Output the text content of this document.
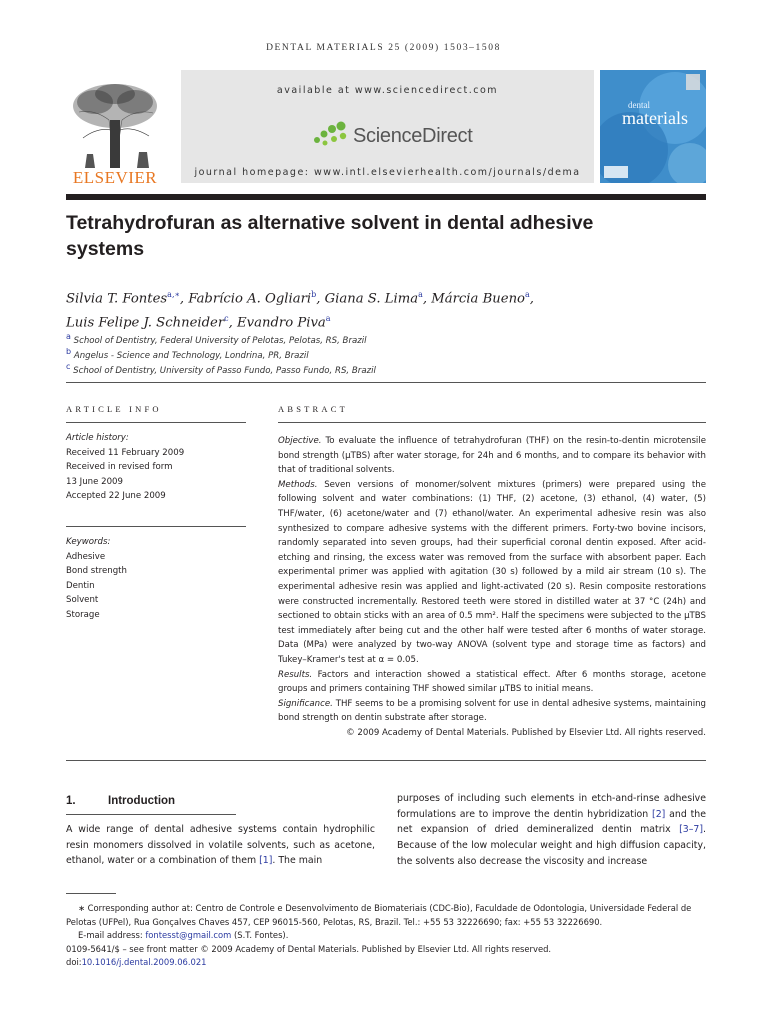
DENTAL MATERIALS 25 (2009) 1503–1508
ELSEVIER
available at www.sciencedirect.com
ScienceDirect
journal homepage: www.intl.elsevierhealth.com/journals/dema
dental
materials
Tetrahydrofuran as alternative solvent in dental adhesive
systems
Silvia T. Fontes$^{a,∗}$, Fabrício A. Ogliari$^b$, Giana S. Lima$^a$, Márcia Bueno$^a$,
Luis Felipe J. Schneider$^c$, Evandro Piva$^a$
$^a$ School of Dentistry, Federal University of Pelotas, Pelotas, RS, Brazil
$^b$ Angelus - Science and Technology, Londrina, PR, Brazil
$^c$ School of Dentistry, University of Passo Fundo, Passo Fundo, RS, Brazil
ARTICLE INFO	ABSTRACT
Article history:
Received 11 February 2009
Received in revised form
13 June 2009
Accepted 22 June 2009
Keywords:
Adhesive
Bond strength
Dentin
Solvent
Storage

Objective. To evaluate the influence of tetrahydrofuran (THF) on the resin-to-dentin microtensile bond strength (μTBS) after water storage, for 24h and 6 months, and to compare its behavior with that of traditional solvents.

Methods. Seven versions of monomer/solvent mixtures (primers) were prepared using the following solvent and water combinations: (1) THF, (2) acetone, (3) ethanol, (4) water, (5) THF/water, (6) acetone/water and (7) ethanol/water. An experimental adhesive resin was also synthesized to compare adhesive systems with the different primers. Forty-two bovine incisors, randomly separated into seven groups, had their superficial coronal dentin exposed. After acid-etching and rinsing, the excess water was removed from the surface with absorbent paper. Each experimental primer was applied with agitation (30 s) followed by a mild air stream (10 s). The experimental adhesive resin was applied and light-activated (20 s). Resin composite restorations were constructed incrementally. Restored teeth were stored in distilled water at 37 °C (24h) and sectioned to obtain sticks with an area of 0.5 mm². Half the specimens were subjected to the μTBS test immediately after being cut and the other half were tested after 6 months of water storage. Data (MPa) were analyzed by two-way ANOVA (solvent type and storage time as factors) and Tukey–Kramer's test at α = 0.05.

Results. Factors and interaction showed a statistical effect. After 6 months storage, acetone groups and primers containing THF showed similar μTBS to initial means.

Significance. THF seems to be a promising solvent for use in dental adhesive systems, maintaining bond strength on dentin substrate after storage.

© 2009 Academy of Dental Materials. Published by Elsevier Ltd. All rights reserved.

1.	Introduction
A wide range of dental adhesive systems contain hydrophilic resin monomers dissolved in volatile solvents, such as acetone, ethanol, water or a combination of them [1]. The main
purposes of including such elements in etch-and-rinse adhesive formulations are to improve the dentin hybridization [2] and the net expansion of dried demineralized dentin matrix [3–7]. Because of the low molecular weight and high diffusion capacity, the solvents also decrease the viscosity and increase
∗ Corresponding author at: Centro de Controle e Desenvolvimento de Biomateriais (CDC-Bio), Faculdade de Odontologia, Universidade Federal de Pelotas (UFPel), Rua Gonçalves Chaves 457, CEP 96015-560, Pelotas, RS, Brazil. Tel.: +55 53 32226690; fax: +55 53 32226690.
E-mail address: fontesst@gmail.com (S.T. Fontes).
0109-5641/$ – see front matter © 2009 Academy of Dental Materials. Published by Elsevier Ltd. All rights reserved.
doi:10.1016/j.dental.2009.06.021
